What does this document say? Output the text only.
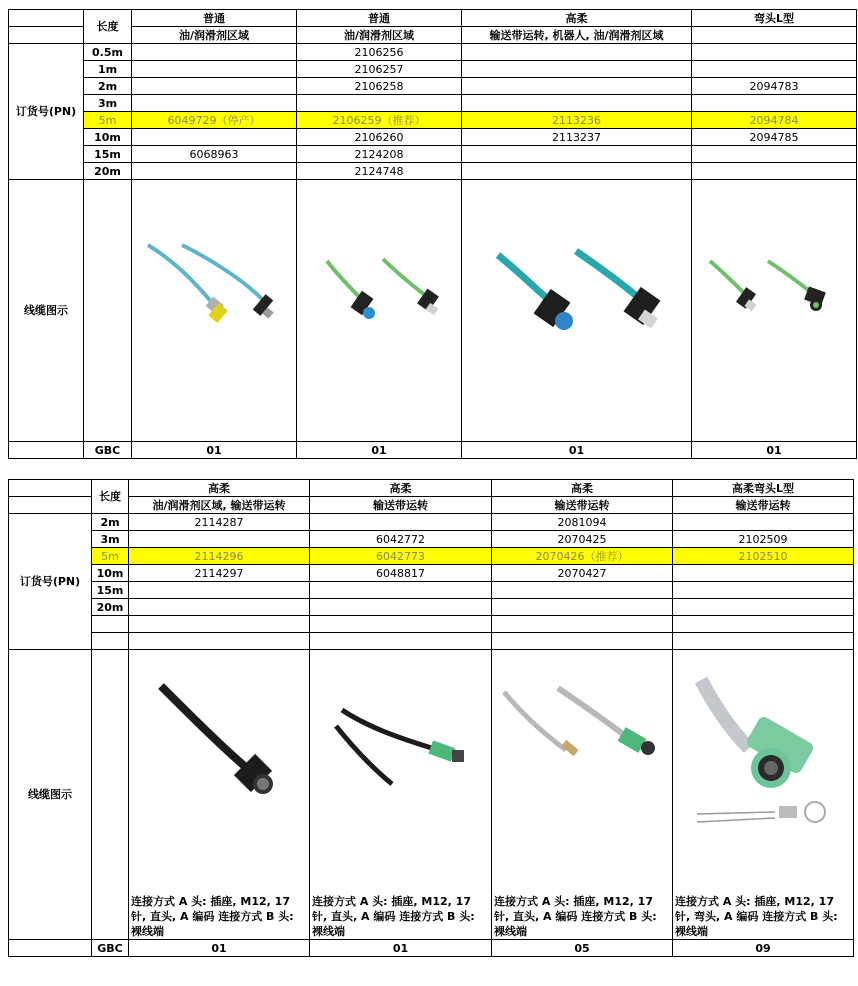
	长度	普通	普通	高柔	弯头L型
		油/润滑剂区域	油/润滑剂区域	输送带运转, 机器人, 油/润滑剂区域	
订货号(PN)	0.5m		2106256		
	1m		2106257		
	2m		2106258		2094783
	3m				
	5m	6049729（停产）	2106259（推荐）	2113236	2094784
	10m		2106260	2113237	2094785
	15m	6068963	2124208		
	20m		2124748		
线缆图示		

	GBC	01	01	01	01
	长度	高柔	高柔	高柔	高柔弯头L型
		油/润滑剂区域, 输送带运转	输送带运转	输送带运转	输送带运转
订货号(PN)	2m	2114287		2081094	
	3m		6042772	2070425	2102509
	5m	2114296	6042773	2070426（推荐）	2102510
	10m	2114297	6048817	2070427	
	15m				
	20m				

线缆图示		连接方式 A 头: 插座, M12, 17 针, 直头, A 编码 连接方式 B 头: 裸线端	连接方式 A 头: 插座, M12, 17 针, 直头, A 编码 连接方式 B 头: 裸线端	连接方式 A 头: 插座, M12, 17 针, 直头, A 编码 连接方式 B 头: 裸线端	连接方式 A 头: 插座, M12, 17 针, 弯头, A 编码 连接方式 B 头: 裸线端

	GBC	01	01	05	09
